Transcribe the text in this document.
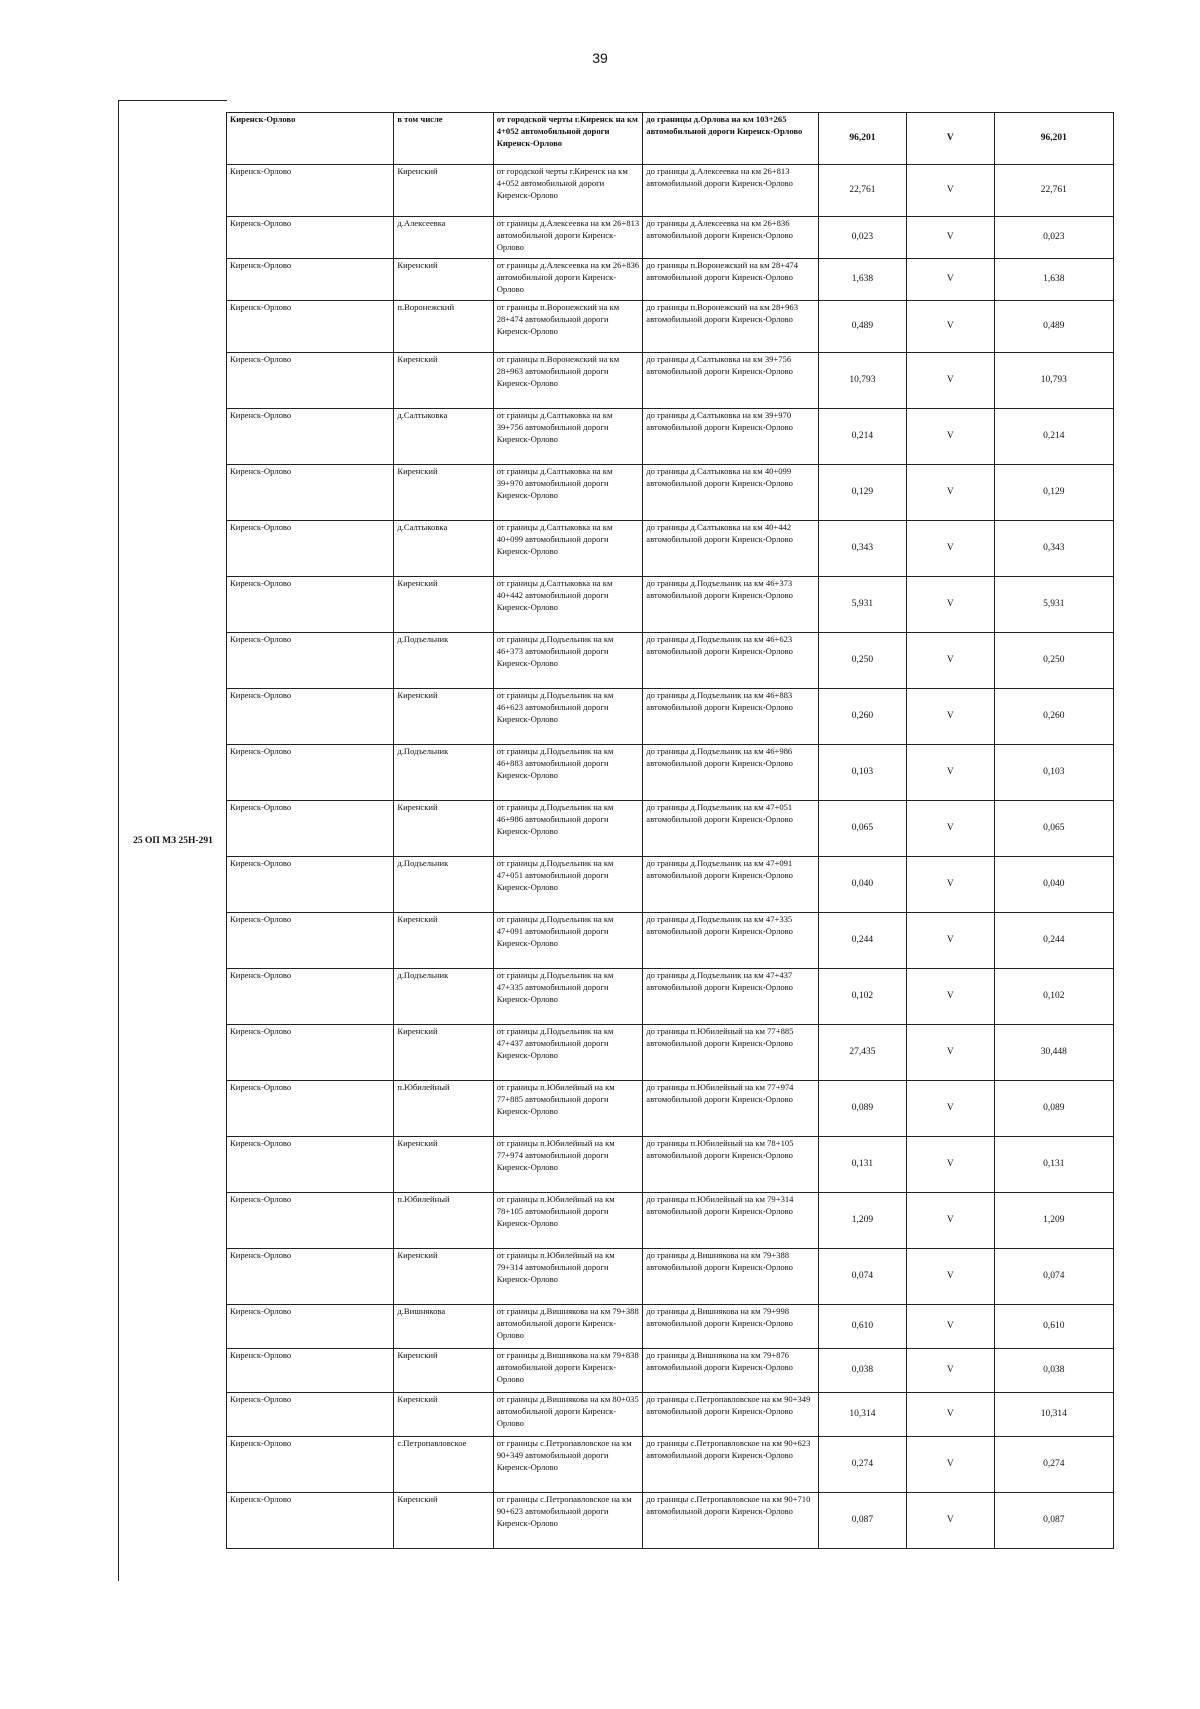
39
25 ОП МЗ 25Н-291
Киренск-Орлово	в том числе	от городской черты г.Киренск на км 4+052 автомобильной дороги Киренск-Орлово	до границы д.Орлова на км 103+265 автомобильной дороги Киренск-Орлово	96,201	V	96,201
Киренск-Орлово	Киренский	от городской черты г.Киренск на км 4+052 автомобильной дороги Киренск-Орлово	до границы д.Алексеевка на км 26+813 автомобильной дороги Киренск-Орлово	22,761	V	22,761
Киренск-Орлово	д.Алексеевка	от границы д.Алексеевка на км 26+813 автомобильной дороги Киренск-Орлово	до границы д.Алексеевка на км 26+836 автомобильной дороги Киренск-Орлово	0,023	V	0,023
Киренск-Орлово	Киренский	от границы д.Алексеевка на км 26+836 автомобильной дороги Киренск-Орлово	до границы п.Воронежский на км 28+474 автомобильной дороги Киренск-Орлово	1,638	V	1,638
Киренск-Орлово	п.Воронежский	от границы п.Воронежский на км 28+474 автомобильной дороги Киренск-Орлово	до границы п.Воронежский на км 28+963 автомобильной дороги Киренск-Орлово	0,489	V	0,489
Киренск-Орлово	Киренский	от границы п.Воронежский на км 28+963 автомобильной дороги Киренск-Орлово	до границы д.Салтыковка на км 39+756 автомобильной дороги Киренск-Орлово	10,793	V	10,793
Киренск-Орлово	д.Салтыковка	от границы д.Салтыковка на км 39+756 автомобильной дороги Киренск-Орлово	до границы д.Салтыковка на км 39+970 автомобильной дороги Киренск-Орлово	0,214	V	0,214
Киренск-Орлово	Киренский	от границы д.Салтыковка на км 39+970 автомобильной дороги Киренск-Орлово	до границы д.Салтыковка на км 40+099 автомобильной дороги Киренск-Орлово	0,129	V	0,129
Киренск-Орлово	д.Салтыковка	от границы д.Салтыковка на км 40+099 автомобильной дороги Киренск-Орлово	до границы д.Салтыковка на км 40+442 автомобильной дороги Киренск-Орлово	0,343	V	0,343
Киренск-Орлово	Киренский	от границы д.Салтыковка на км 40+442 автомобильной дороги Киренск-Орлово	до границы д.Подъельник на км 46+373 автомобильной дороги Киренск-Орлово	5,931	V	5,931
Киренск-Орлово	д.Подъельник	от границы д.Подъельник на км 46+373 автомобильной дороги Киренск-Орлово	до границы д.Подъельник на км 46+623 автомобильной дороги Киренск-Орлово	0,250	V	0,250
Киренск-Орлово	Киренский	от границы д.Подъельник на км 46+623 автомобильной дороги Киренск-Орлово	до границы д.Подъельник на км 46+883 автомобильной дороги Киренск-Орлово	0,260	V	0,260
Киренск-Орлово	д.Подъельник	от границы д.Подъельник на км 46+883 автомобильной дороги Киренск-Орлово	до границы д.Подъельник на км 46+986 автомобильной дороги Киренск-Орлово	0,103	V	0,103
Киренск-Орлово	Киренский	от границы д.Подъельник на км 46+986 автомобильной дороги Киренск-Орлово	до границы д.Подъельник на км 47+051 автомобильной дороги Киренск-Орлово	0,065	V	0,065
Киренск-Орлово	д.Подъельник	от границы д.Подъельник на км 47+051 автомобильной дороги Киренск-Орлово	до границы д.Подъельник на км 47+091 автомобильной дороги Киренск-Орлово	0,040	V	0,040
Киренск-Орлово	Киренский	от границы д.Подъельник на км 47+091 автомобильной дороги Киренск-Орлово	до границы д.Подъельник на км 47+335 автомобильной дороги Киренск-Орлово	0,244	V	0,244
Киренск-Орлово	д.Подъельник	от границы д.Подъельник на км 47+335 автомобильной дороги Киренск-Орлово	до границы д.Подъельник на км 47+437 автомобильной дороги Киренск-Орлово	0,102	V	0,102
Киренск-Орлово	Киренский	от границы д.Подъельник на км 47+437 автомобильной дороги Киренск-Орлово	до границы п.Юбилейный на км 77+885 автомобильной дороги Киренск-Орлово	27,435	V	30,448
Киренск-Орлово	п.Юбилейный	от границы п.Юбилейный на км 77+885 автомобильной дороги Киренск-Орлово	до границы п.Юбилейный на км 77+974 автомобильной дороги Киренск-Орлово	0,089	V	0,089
Киренск-Орлово	Киренский	от границы п.Юбилейный на км 77+974 автомобильной дороги Киренск-Орлово	до границы п.Юбилейный на км 78+105 автомобильной дороги Киренск-Орлово	0,131	V	0,131
Киренск-Орлово	п.Юбилейный	от границы п.Юбилейный на км 78+105 автомобильной дороги Киренск-Орлово	до границы п.Юбилейный на км 79+314 автомобильной дороги Киренск-Орлово	1,209	V	1,209
Киренск-Орлово	Киренский	от границы п.Юбилейный на км 79+314 автомобильной дороги Киренск-Орлово	до границы д.Вишнякова на км 79+388 автомобильной дороги Киренск-Орлово	0,074	V	0,074
Киренск-Орлово	д.Вишнякова	от границы д.Вишнякова на км 79+388 автомобильной дороги Киренск-Орлово	до границы д.Вишнякова на км 79+998 автомобильной дороги Киренск-Орлово	0,610	V	0,610
Киренск-Орлово	Киренский	от границы д.Вишнякова на км 79+838 автомобильной дороги Киренск-Орлово	до границы д.Вишнякова на км 79+876 автомобильной дороги Киренск-Орлово	0,038	V	0,038
Киренск-Орлово	Киренский	от границы д.Вишнякова на км 80+035 автомобильной дороги Киренск-Орлово	до границы с.Петропавловское на км 90+349 автомобильной дороги Киренск-Орлово	10,314	V	10,314
Киренск-Орлово	с.Петропавловское	от границы с.Петропавловское на км 90+349 автомобильной дороги Киренск-Орлово	до границы с.Петропавловское на км 90+623 автомобильной дороги Киренск-Орлово	0,274	V	0,274
Киренск-Орлово	Киренский	от границы с.Петропавловское на км 90+623 автомобильной дороги Киренск-Орлово	до границы с.Петропавловское на км 90+710 автомобильной дороги Киренск-Орлово	0,087	V	0,087
